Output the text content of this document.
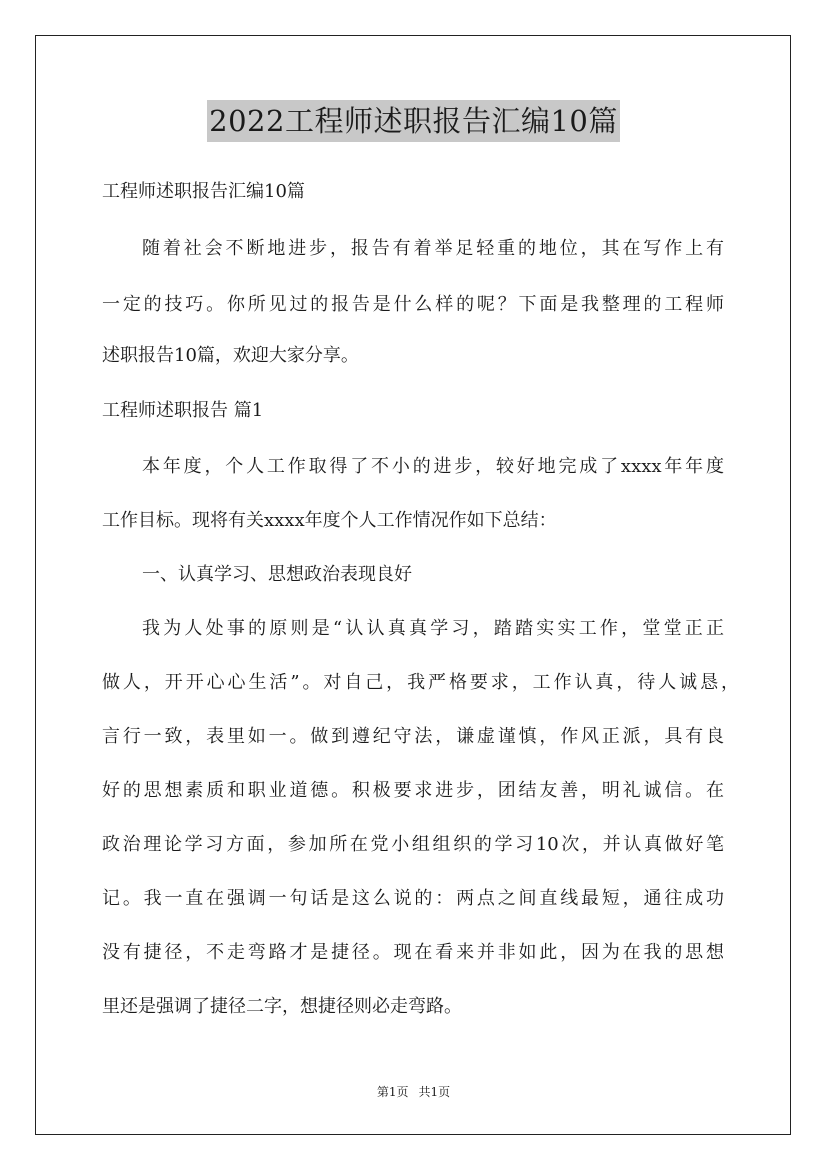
2022工程师述职报告汇编10篇
工程师述职报告汇编10篇
随着社会不断地进步，报告有着举足轻重的地位，其在写作上有
一定的技巧。你所见过的报告是什么样的呢？下面是我整理的工程师
述职报告10篇，欢迎大家分享。
工程师述职报告 篇1
本年度，个人工作取得了不小的进步，较好地完成了xxxx年年度
工作目标。现将有关xxxx年度个人工作情况作如下总结：
一、认真学习、思想政治表现良好
我为人处事的原则是“认认真真学习，踏踏实实工作，堂堂正正
做人，开开心心生活”。对自己，我严格要求，工作认真，待人诚恳，
言行一致，表里如一。做到遵纪守法，谦虚谨慎，作风正派，具有良
好的思想素质和职业道德。积极要求进步，团结友善，明礼诚信。在
政治理论学习方面，参加所在党小组组织的学习10次，并认真做好笔
记。我一直在强调一句话是这么说的：两点之间直线最短，通往成功
没有捷径，不走弯路才是捷径。现在看来并非如此，因为在我的思想
里还是强调了捷径二字，想捷径则必走弯路。
第1页 共1页
